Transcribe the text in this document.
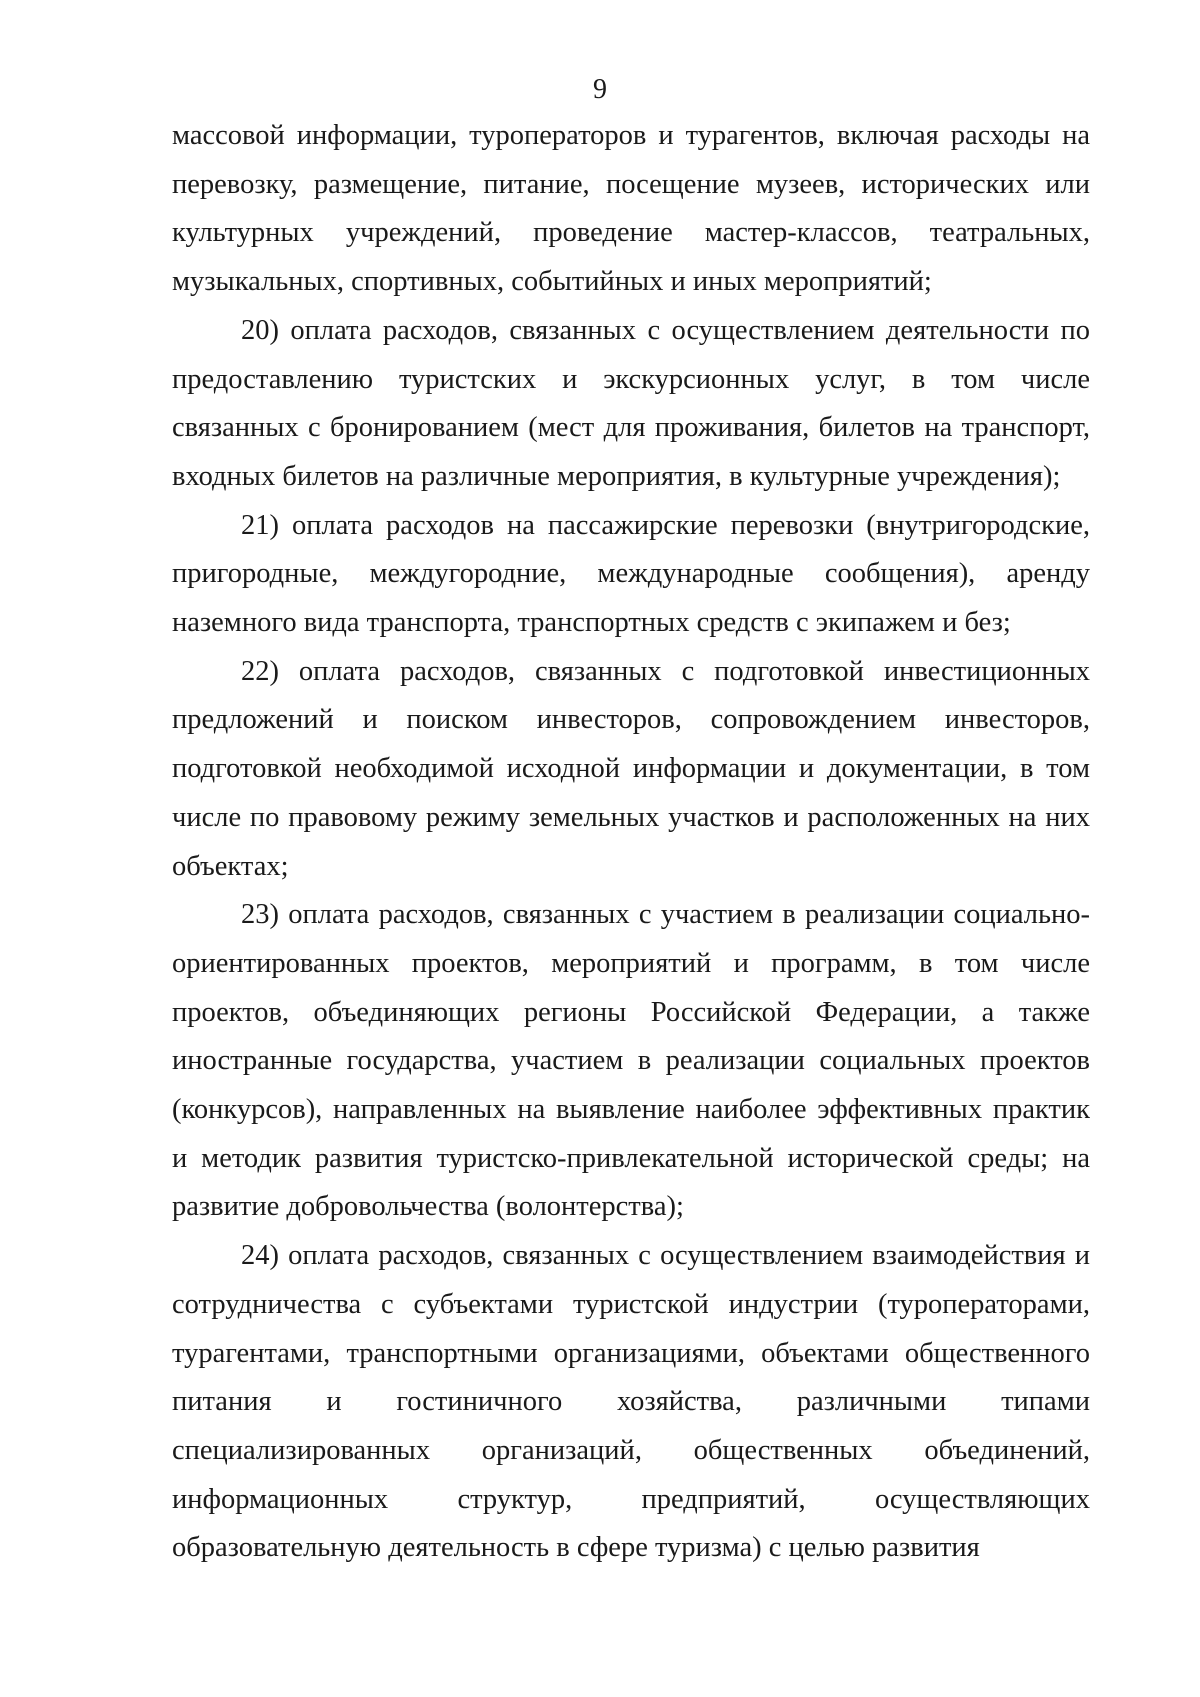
9

массовой информации, туроператоров и турагентов, включая расходы на перевозку, размещение, питание, посещение музеев, исторических или культурных учреждений, проведение мастер-классов, театральных, музыкальных, спортивных, событийных и иных мероприятий;

20) оплата расходов, связанных с осуществлением деятельности по предоставлению туристских и экскурсионных услуг, в том числе связанных с бронированием (мест для проживания, билетов на транспорт, входных билетов на различные мероприятия, в культурные учреждения);

21) оплата расходов на пассажирские перевозки (внутригородские, пригородные, междугородние, международные сообщения), аренду наземного вида транспорта, транспортных средств с экипажем и без;

22) оплата расходов, связанных с подготовкой инвестиционных предложений и поиском инвесторов, сопровождением инвесторов, подготовкой необходимой исходной информации и документации, в том числе по правовому режиму земельных участков и расположенных на них объектах;

23) оплата расходов, связанных с участием в реализации социально-ориентированных проектов, мероприятий и программ, в том числе проектов, объединяющих регионы Российской Федерации, а также иностранные государства, участием в реализации социальных проектов (конкурсов), направленных на выявление наиболее эффективных практик и методик развития туристско-привлекательной исторической среды; на развитие добровольчества (волонтерства);

24) оплата расходов, связанных с осуществлением взаимодействия и сотрудничества с субъектами туристской индустрии (туроператорами, турагентами, транспортными организациями, объектами общественного питания и гостиничного хозяйства, различными типами специализированных организаций, общественных объединений, информационных структур, предприятий, осуществляющих образовательную деятельность в сфере туризма) с целью развития
